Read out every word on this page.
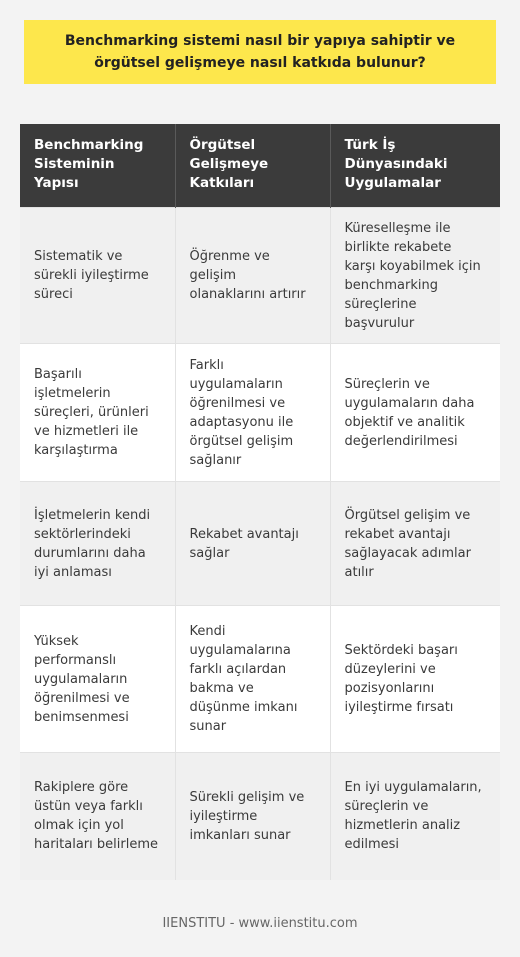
Benchmarking sistemi nasıl bir yapıya sahiptir ve örgütsel gelişmeye nasıl katkıda bulunur?
Benchmarking Sisteminin Yapısı	Örgütsel Gelişmeye Katkıları	Türk İş Dünyasındaki Uygulamalar
Sistematik ve sürekli iyileştirme süreci	Öğrenme ve gelişim olanaklarını artırır	Küreselleşme ile birlikte rekabete karşı koyabilmek için benchmarking süreçlerine başvurulur
Başarılı işletmelerin süreçleri, ürünleri ve hizmetleri ile karşılaştırma	Farklı uygulamaların öğrenilmesi ve adaptasyonu ile örgütsel gelişim sağlanır	Süreçlerin ve uygulamaların daha objektif ve analitik değerlendirilmesi
İşletmelerin kendi sektörlerindeki durumlarını daha iyi anlaması	Rekabet avantajı sağlar	Örgütsel gelişim ve rekabet avantajı sağlayacak adımlar atılır
Yüksek performanslı uygulamaların öğrenilmesi ve benimsenmesi	Kendi uygulamalarına farklı açılardan bakma ve düşünme imkanı sunar	Sektördeki başarı düzeylerini ve pozisyonlarını iyileştirme fırsatı
Rakiplere göre üstün veya farklı olmak için yol haritaları belirleme	Sürekli gelişim ve iyileştirme imkanları sunar	En iyi uygulamaların, süreçlerin ve hizmetlerin analiz edilmesi
IIENSTITU - www.iienstitu.com
